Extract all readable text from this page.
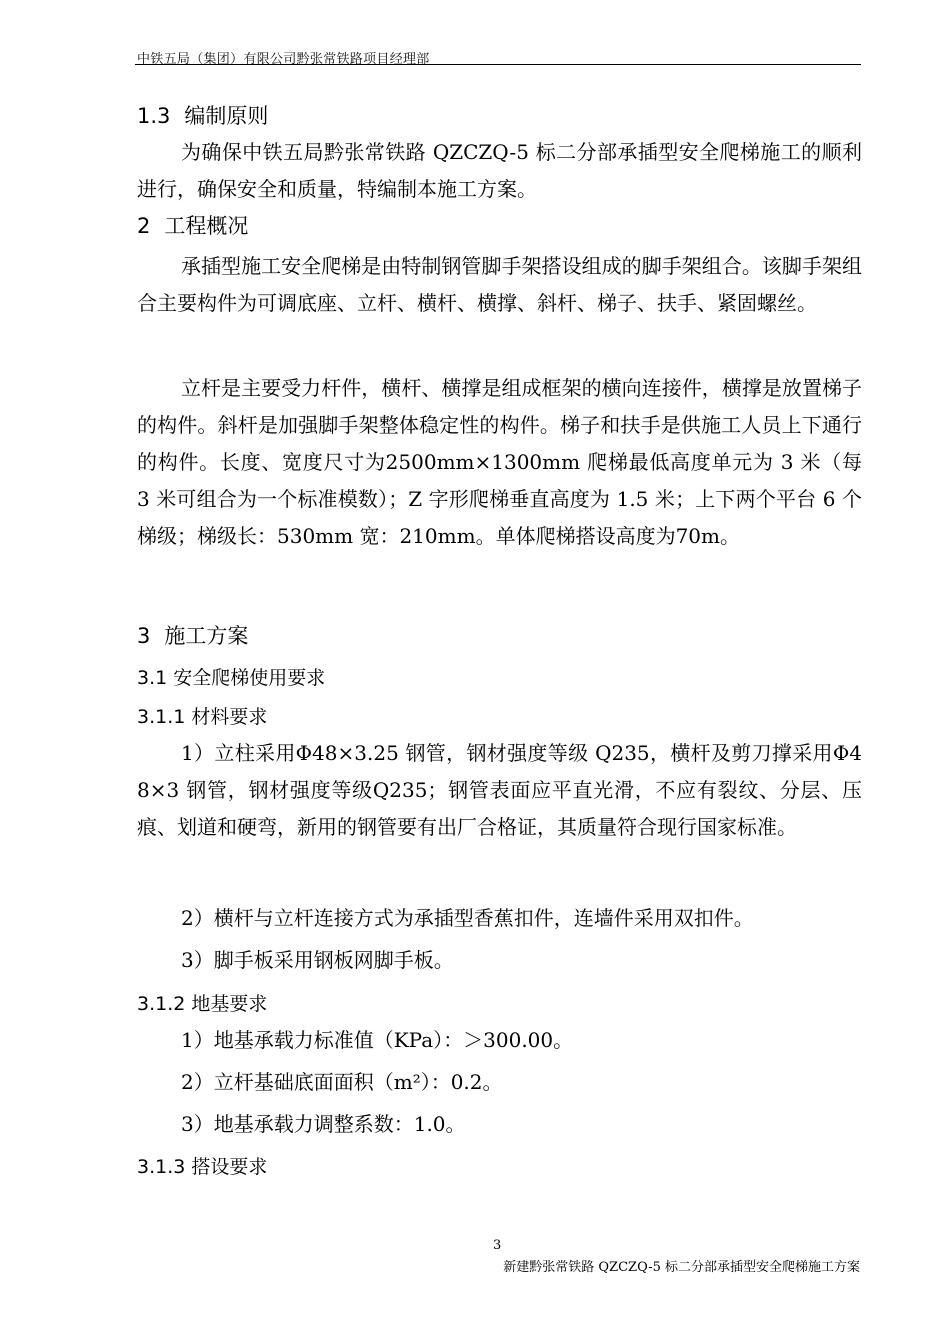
中铁五局（集团）有限公司黔张常铁路项目经理部
1.3 编制原则
为确保中铁五局黔张常铁路 QZCZQ-5 标二分部承插型安全爬梯施工的顺利进行，确保安全和质量，特编制本施工方案。
2 工程概况
承插型施工安全爬梯是由特制钢管脚手架搭设组成的脚手架组合。该脚手架组合主要构件为可调底座、立杆、横杆、横撑、斜杆、梯子、扶手、紧固螺丝。
立杆是主要受力杆件，横杆、横撑是组成框架的横向连接件，横撑是放置梯子的构件。斜杆是加强脚手架整体稳定性的构件。梯子和扶手是供施工人员上下通行的构件。长度、宽度尺寸为2500mm×1300mm 爬梯最低高度单元为 3 米（每 3 米可组合为一个标准模数）；Z 字形爬梯垂直高度为 1.5 米；上下两个平台 6 个梯级；梯级长：530mm 宽：210mm。单体爬梯搭设高度为70m。
3 施工方案
3.1 安全爬梯使用要求
3.1.1 材料要求
1）立柱采用Φ48×3.25 钢管，钢材强度等级 Q235，横杆及剪刀撑采用Φ48×3 钢管，钢材强度等级Q235；钢管表面应平直光滑，不应有裂纹、分层、压痕、划道和硬弯，新用的钢管要有出厂合格证，其质量符合现行国家标准。
2）横杆与立杆连接方式为承插型香蕉扣件，连墙件采用双扣件。
3）脚手板采用钢板网脚手板。
3.1.2 地基要求
1）地基承载力标准值（KPa）：＞300.00。
2）立杆基础底面面积（m²）：0.2。
3）地基承载力调整系数：1.0。
3.1.3 搭设要求
3
新建黔张常铁路 QZCZQ-5 标二分部承插型安全爬梯施工方案
